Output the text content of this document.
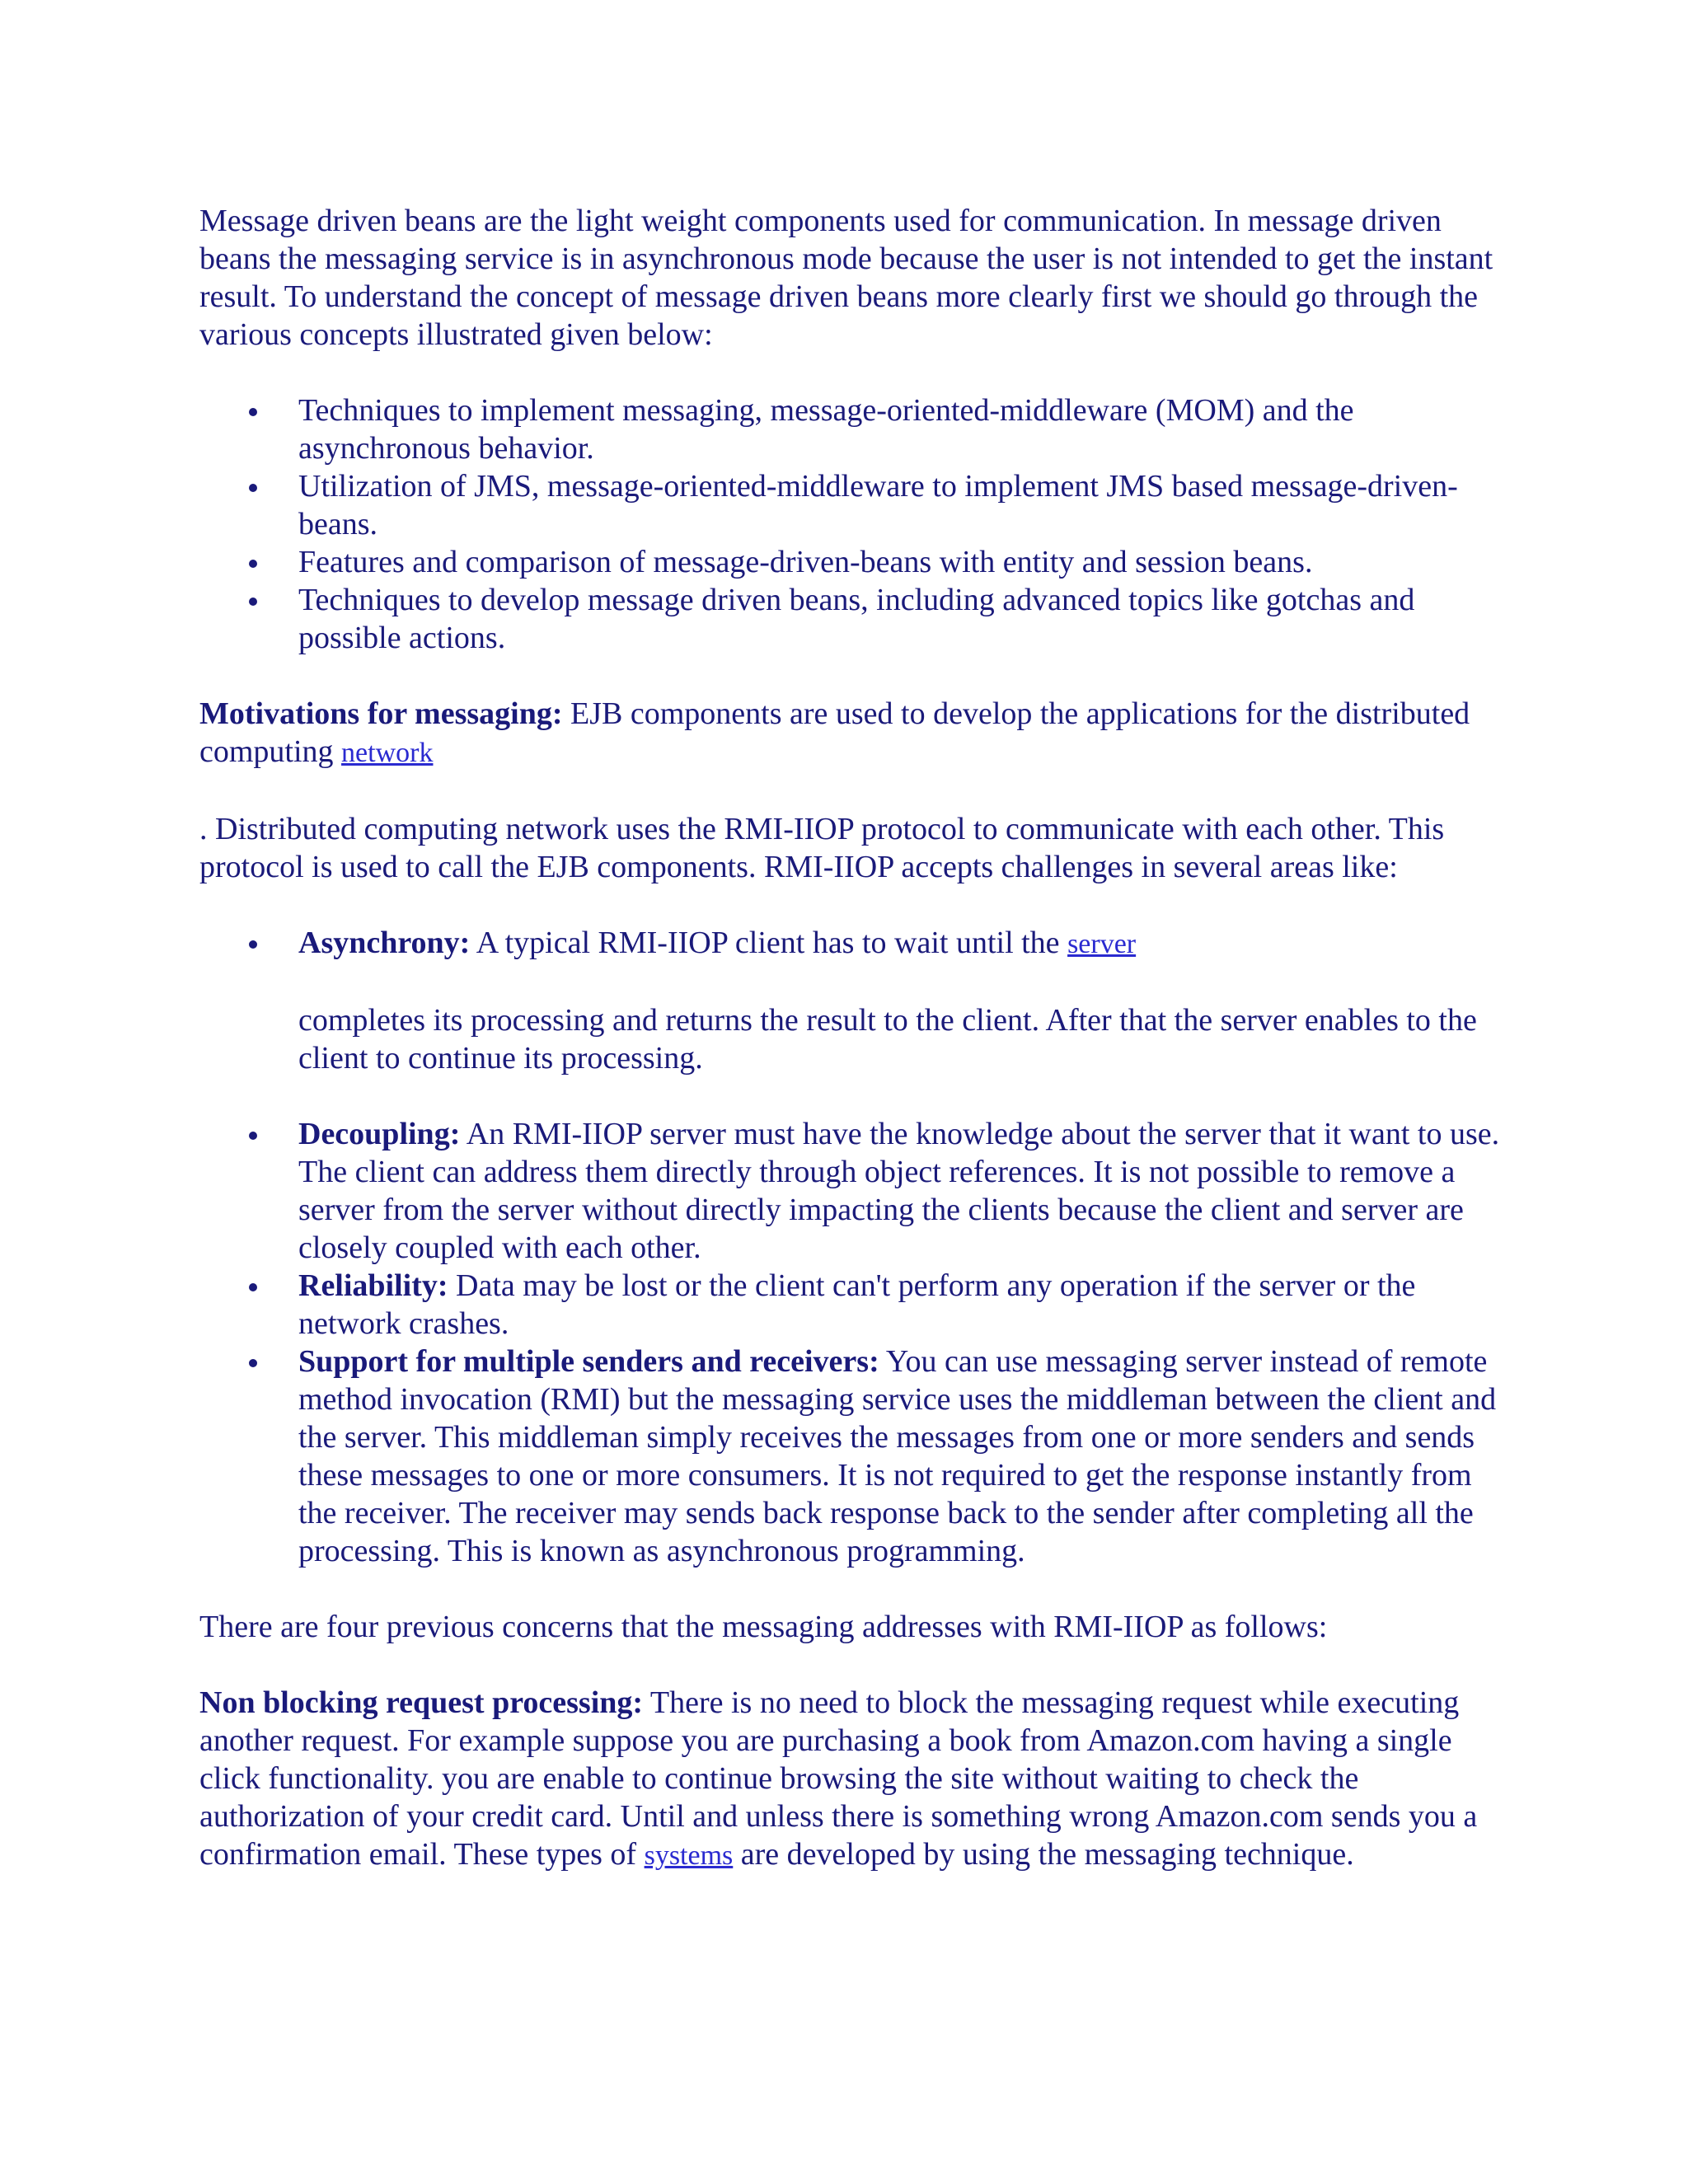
Message driven beans are the light weight components used for communication. In message driven beans the messaging service is in asynchronous mode because the user is not intended to get the instant result. To understand the concept of message driven beans more clearly first we should go through the various concepts illustrated given below:

Techniques to implement messaging, message-oriented-middleware (MOM) and the asynchronous behavior.
Utilization of JMS, message-oriented-middleware to implement JMS based message-driven-beans.
Features and comparison of message-driven-beans with entity and session beans.
Techniques to develop message driven beans, including advanced topics like gotchas and possible actions.

Motivations for messaging: EJB components are used to develop the applications for the distributed computing network

. Distributed computing network uses the RMI-IIOP protocol to communicate with each other. This protocol is used to call the EJB components. RMI-IIOP accepts challenges in several areas like:

Asynchrony: A typical RMI-IIOP client has to wait until the server

completes its processing and returns the result to the client. After that the server enables to the client to continue its processing.

Decoupling: An RMI-IIOP server must have the knowledge about the server that it want to use. The client can address them directly through object references. It is not possible to remove a server from the server without directly impacting the clients because the client and server are closely coupled with each other.
Reliability: Data may be lost or the client can't perform any operation if the server or the network crashes.
Support for multiple senders and receivers: You can use messaging server instead of remote method invocation (RMI) but the messaging service uses the middleman between the client and the server. This middleman simply receives the messages from one or more senders and sends these messages to one or more consumers. It is not required to get the response instantly from the receiver. The receiver may sends back response back to the sender after completing all the processing. This is known as asynchronous programming.

There are four previous concerns that the messaging addresses with RMI-IIOP as follows:

Non blocking request processing: There is no need to block the messaging request while executing another request. For example suppose you are purchasing a book from Amazon.com having a single click functionality. you are enable to continue browsing the site without waiting to check the authorization of your credit card. Until and unless there is something wrong Amazon.com sends you a confirmation email. These types of systems are developed by using the messaging technique.
